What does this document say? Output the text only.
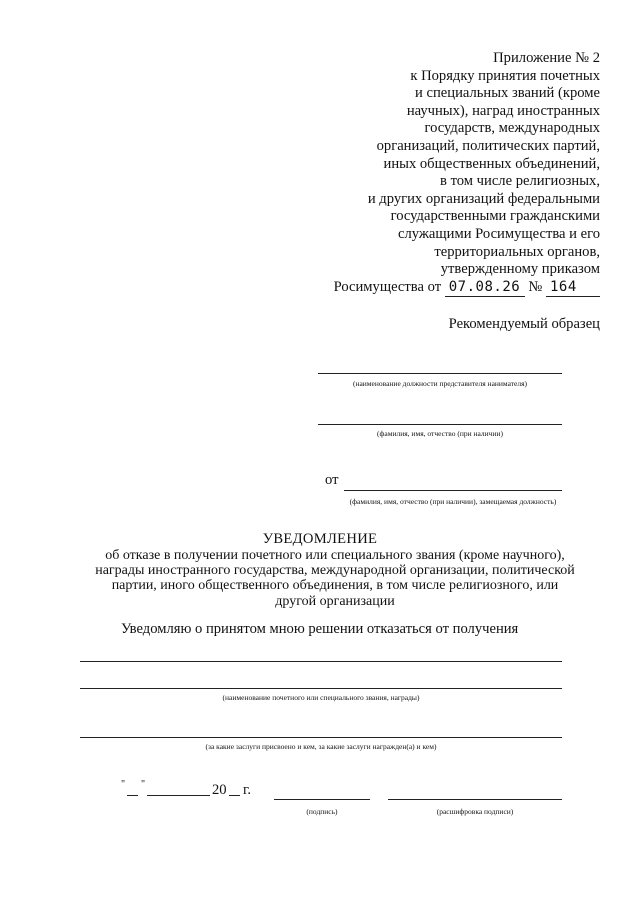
Приложение № 2
к Порядку принятия почетных
и специальных званий (кроме
научных), наград иностранных
государств, международных
организаций, политических партий,
иных общественных объединений,
в том числе религиозных,
и других организаций федеральными
государственными гражданскими
служащими Росимущества и его
территориальных органов,
утвержденному приказом
Росимущества от 07.08.26 № 164
Рекомендуемый образец
(наименование должности представителя нанимателя)
(фамилия, имя, отчество (при наличии)
от
(фамилия, имя, отчество (при наличии), замещаемая должность)
УВЕДОМЛЕНИЕ
об отказе в получении почетного или специального звания (кроме научного), награды иностранного государства, международной организации, политической партии, иного общественного объединения, в том числе религиозного, или другой организации
Уведомляю о принятом мною решении отказаться от получения
(наименование почетного или специального звания, награды)
(за какие заслуги присвоено и кем, за какие заслуги награжден(а) и кем)
" "	20 г.
(подпись)	(расшифровка подписи)
